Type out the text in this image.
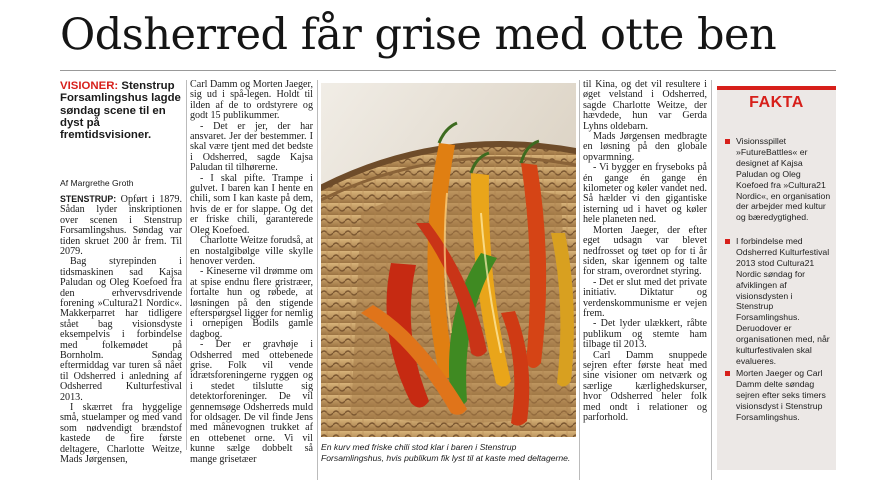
Odsherred får grise med otte ben
VISIONER: Stenstrup Forsamlingshus lagde søndag scene til en dyst på fremtidsvisioner.
Af Margrethe Groth

STENSTRUP: Opført i 1879. Sådan lyder inskriptionen over scenen i Stenstrup Forsamlingshus. Søndag var tiden skruet 200 år frem. Til 2079.

Bag styrepinden i tidsmaskinen sad Kajsa Paludan og Oleg Koefoed fra den erhvervsdrivende forening »Cultura21 Nordic«. Makkerparret har tidligere stået bag visionsdyste eksempelvis i forbindelse med folkemødet på Bornholm. Søndag eftermiddag var turen så nået til Odsherred i anledning af Odsherred Kulturfestival 2013.

I skærret fra hyggelige små, stuelamper og med vand som nødvendigt brændstof kastede de fire første deltagere, Charlotte Weitze, Mads Jørgensen,

Carl Damm og Morten Jaeger, sig ud i spå-legen. Holdt til ilden af de to ordstyrere og godt 15 publikummer.

- Det er jer, der har ansvaret. Jer der bestemmer. I skal være tjent med det bedste i Odsherred, sagde Kajsa Paludan til tilhørerne.

- I skal pifte. Trampe i gulvet. I baren kan I hente en chili, som I kan kaste på dem, hvis de er for slappe. Og det er friske chili, garanterede Oleg Koefoed.

Charlotte Weitze forudså, at en nostalgibølge ville skylle henover verden.

- Kineserne vil drømme om at spise endnu flere gristræer, fortalte hun og røbede, at løsningen på den stigende efterspørgsel ligger for nemlig i ornepigen Bodils gamle dagbog.

- Der er gravhøje i Odsherred med ottebenede grise. Folk vil vende idrætsforeningerne ryggen og i stedet tilslutte sig detektorforeninger. De vil gennemsøge Odsherreds muld for oldsager. De vil finde Jens med månevognen trukket af en ottebenet orne. Vi vil kunne sælge dobbelt så mange grisetæer

En kurv med friske chili stod klar i baren i Stenstrup Forsamlingshus, hvis publikum fik lyst til at kaste med deltagerne.

til Kina, og det vil resultere i øget velstand i Odsherred, sagde Charlotte Weitze, der hævdede, hun var Gerda Lyhns oldebarn.

Mads Jørgensen medbragte en løsning på den globale opvarmning.

- Vi bygger en fryseboks på én gange én gange én kilometer og køler vandet ned. Så hælder vi den gigantiske isterning ud i havet og køler hele planeten ned.

Morten Jaeger, der efter eget udsagn var blevet nedfrosset og tøet op for ti år siden, skar igennem og talte for stram, overordnet styring.

- Det er slut med det private initiativ. Diktatur og verdenskommunisme er vejen frem.

- Det lyder ulækkert, råbte publikum og stemte ham tilbage til 2013.

Carl Damm snuppede sejren efter første heat med sine visioner om netværk og særlige kærlighedskurser, hvor Odsherred heler folk med ondt i relationer og parforhold.

FAKTA
Visionsspillet »FutureBattles« er designet af Kajsa Paludan og Oleg Koefoed fra »Cultura21 Nordic«, en organisation der arbejder med kultur og bæredygtighed.
I forbindelse med Odsherred Kulturfestival 2013 stod Cultura21 Nordic søndag for afviklingen af visionsdysten i Stenstrup Forsamlingshus. Deruodover er organisationen med, når kulturfestivalen skal evalueres.
Morten Jaeger og Carl Damm delte søndag sejren efter seks timers visionsdyst i Stenstrup Forsamlingshus.
